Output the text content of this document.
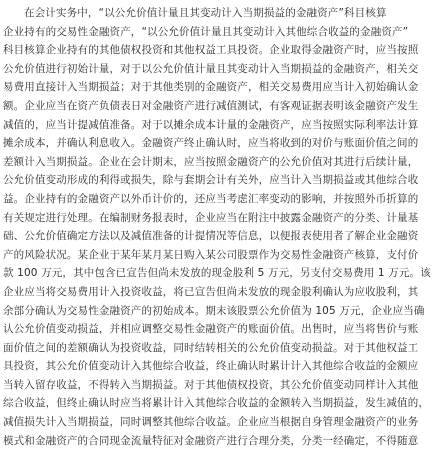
在会计实务中，“以公允价值计量且其变动计入当期损益的金融资产”科目核算
企业持有的交易性金融资产，“以公允价值计量且其变动计入其他综合收益的金融资产”
科目核算企业持有的其他债权投资和其他权益工具投资。企业取得金融资产时，应当按照
公允价值进行初始计量，对于以公允价值计量且其变动计入当期损益的金融资产，相关交
易费用直接计入当期损益；对于其他类别的金融资产，相关交易费用应当计入初始确认金
额。企业应当在资产负债表日对金融资产进行减值测试，有客观证据表明该金融资产发生
减值的，应当计提减值准备。对于以摊余成本计量的金融资产，应当按照实际利率法计算
摊余成本，并确认利息收入。金融资产终止确认时，应当将收到的对价与账面价值之间的
差额计入当期损益。企业在会计期末，应当按照金融资产的公允价值对其进行后续计量，
公允价值变动形成的利得或损失，除与套期会计有关外，应当计入当期损益或其他综合收
益。企业持有的金融资产以外币计价的，还应当考虑汇率变动的影响，并按照外币折算的
有关规定进行处理。在编制财务报表时，企业应当在附注中披露金融资产的分类、计量基
础、公允价值确定方法以及减值准备的计提情况等信息，以便报表使用者了解企业金融资
产的风险状况。某企业于某年某月某日购入某公司股票作为交易性金融资产核算，支付价
款 100 万元，其中包含已宣告但尚未发放的现金股利 5 万元，另支付交易费用 1 万元。该
企业应当将交易费用计入投资收益，将已宣告但尚未发放的现金股利确认为应收股利，其
余部分确认为交易性金融资产的初始成本。期末该股票公允价值为 105 万元，企业应当确
认公允价值变动损益，并相应调整交易性金融资产的账面价值。出售时，应当将售价与账
面价值之间的差额确认为投资收益，同时结转相关的公允价值变动损益。对于其他权益工
具投资，其公允价值变动计入其他综合收益，终止确认时累计计入其他综合收益的金额应
当转入留存收益，不得转入当期损益。对于其他债权投资，其公允价值变动同样计入其他
综合收益，但终止确认时应当将累计计入其他综合收益的金额转入当期损益，发生减值的，
减值损失计入当期损益，同时调整其他综合收益。企业应当根据自身管理金融资产的业务
模式和金融资产的合同现金流量特征对金融资产进行合理分类，分类一经确定，不得随意
